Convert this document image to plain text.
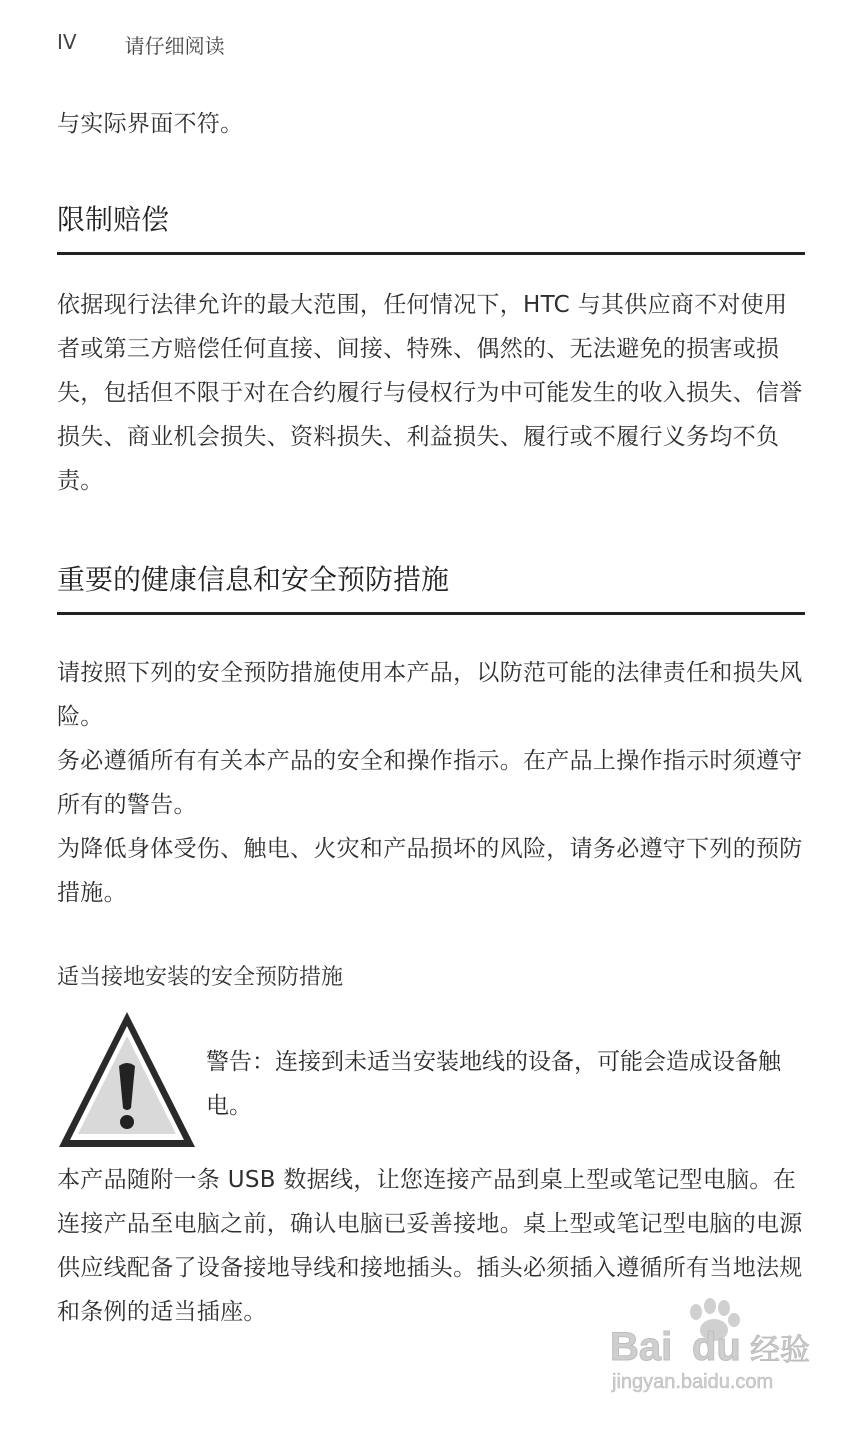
IV 请仔细阅读

与实际界面不符。

限制赔偿

依据现行法律允许的最大范围，任何情况下，HTC 与其供应商不对使用者或第三方赔偿任何直接、间接、特殊、偶然的、无法避免的损害或损失，包括但不限于对在合约履行与侵权行为中可能发生的收入损失、信誉损失、商业机会损失、资料损失、利益损失、履行或不履行义务均不负责。

重要的健康信息和安全预防措施

请按照下列的安全预防措施使用本产品，以防范可能的法律责任和损失风险。

务必遵循所有有关本产品的安全和操作指示。在产品上操作指示时须遵守所有的警告。

为降低身体受伤、触电、火灾和产品损坏的风险，请务必遵守下列的预防措施。

适当接地安装的安全预防措施

警告：连接到未适当安装地线的设备，可能会造成设备触电。

本产品随附一条 USB 数据线，让您连接产品到桌上型或笔记型电脑。在连接产品至电脑之前，确认电脑已妥善接地。桌上型或笔记型电脑的电源供应线配备了设备接地导线和接地插头。插头必须插入遵循所有当地法规和条例的适当插座。

Bai du 经验
jingyan.baidu.com
